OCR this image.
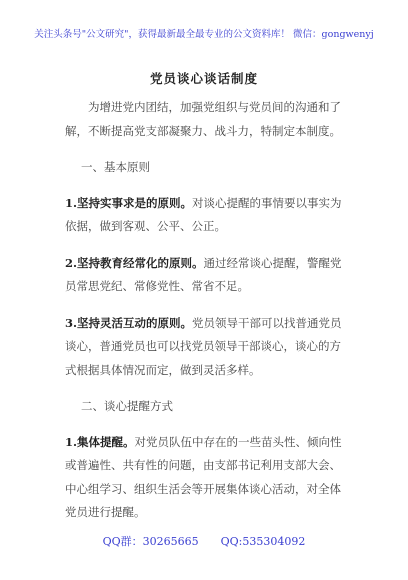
关注头条号"公文研究"，获得最新最全最专业的公文资料库！ 微信：gongwenyj
党员谈心谈话制度

为增进党内团结，加强党组织与党员间的沟通和了解，不断提高党支部凝聚力、战斗力，特制定本制度。

一、基本原则

1.坚持实事求是的原则。对谈心提醒的事情要以事实为依据，做到客观、公平、公正。

2.坚持教育经常化的原则。通过经常谈心提醒，警醒党员常思党纪、常修党性、常省不足。

3.坚持灵活互动的原则。党员领导干部可以找普通党员谈心，普通党员也可以找党员领导干部谈心，谈心的方式根据具体情况而定，做到灵活多样。

二、谈心提醒方式

1.集体提醒。对党员队伍中存在的一些苗头性、倾向性或普遍性、共有性的问题，由支部书记利用支部大会、中心组学习、组织生活会等开展集体谈心活动，对全体党员进行提醒。

QQ群：30265665 QQ:535304092
